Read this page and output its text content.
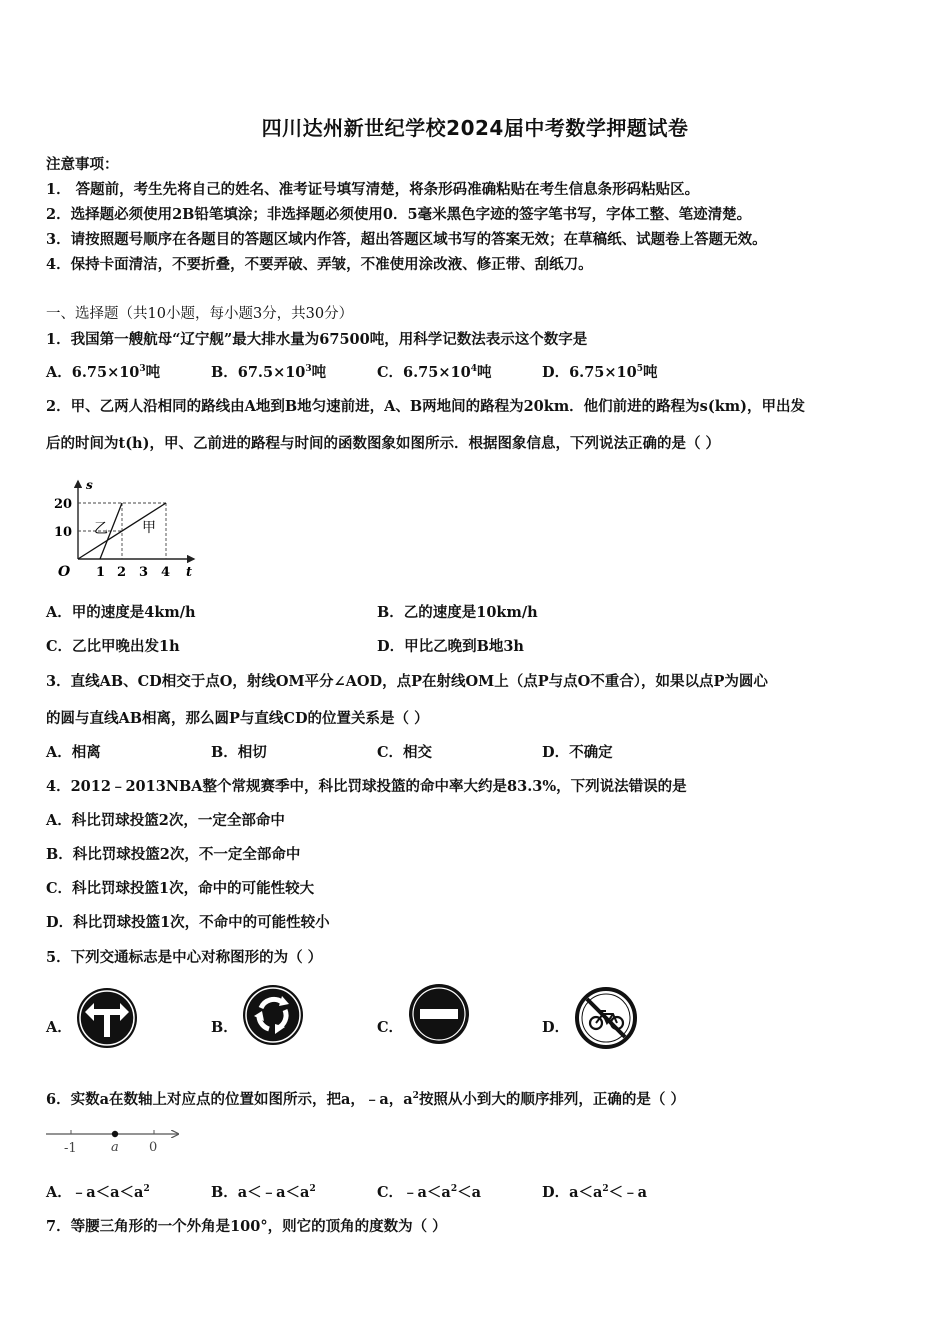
四川达州新世纪学校2024届中考数学押题试卷
注意事项：
1． 答题前，考生先将自己的姓名、准考证号填写清楚，将条形码准确粘贴在考生信息条形码粘贴区。
2．选择题必须使用2B铅笔填涂；非选择题必须使用0．5毫米黑色字迹的签字笔书写，字体工整、笔迹清楚。
3．请按照题号顺序在各题目的答题区域内作答，超出答题区域书写的答案无效；在草稿纸、试题卷上答题无效。
4．保持卡面清洁，不要折叠，不要弄破、弄皱，不准使用涂改液、修正带、刮纸刀。
一、选择题（共10小题，每小题3分，共30分）
1．我国第一艘航母“辽宁舰”最大排水量为67500吨，用科学记数法表示这个数字是
A．$6.75\times 10^3$吨	B．$67.5\times 10^3$吨	C．$6.75\times 10^4$吨	D．$6.75\times 10^5$吨
2．甲、乙两人沿相同的路线由A地到B地匀速前进，A、B两地间的路程为20km．他们前进的路程为s(km)，甲出发
后的时间为t(h)，甲、乙前进的路程与时间的函数图象如图所示．根据图象信息，下列说法正确的是（ ）
s
t
O
20
10
1 2 3 4
乙 甲
A．甲的速度是4km/h	B．乙的速度是10km/h
C．乙比甲晚出发1h	D．甲比乙晚到B地3h
3．直线AB、CD相交于点O，射线OM平分∠AOD，点P在射线OM上（点P与点O不重合），如果以点P为圆心
的圆与直线AB相离，那么圆P与直线CD的位置关系是（ ）
A．相离	B．相切	C．相交	D．不确定
4．2012﹣2013NBA整个常规赛季中，科比罚球投篮的命中率大约是83.3%，下列说法错误的是
A．科比罚球投篮2次，一定全部命中
B．科比罚球投篮2次，不一定全部命中
C．科比罚球投篮1次，命中的可能性较大
D．科比罚球投篮1次，不命中的可能性较小
5．下列交通标志是中心对称图形的为（ ）
A．	B．	C．	D．
6．实数a在数轴上对应点的位置如图所示，把a，﹣a，$a^2$按照从小到大的顺序排列，正确的是（ ）
-1	a 0
A．$﹣a<a<a^2$	B．$a<﹣a<a^2$	C．$﹣a<a^2<a$	D．$a<a^2<﹣a$
7．等腰三角形的一个外角是100°，则它的顶角的度数为（ ）
